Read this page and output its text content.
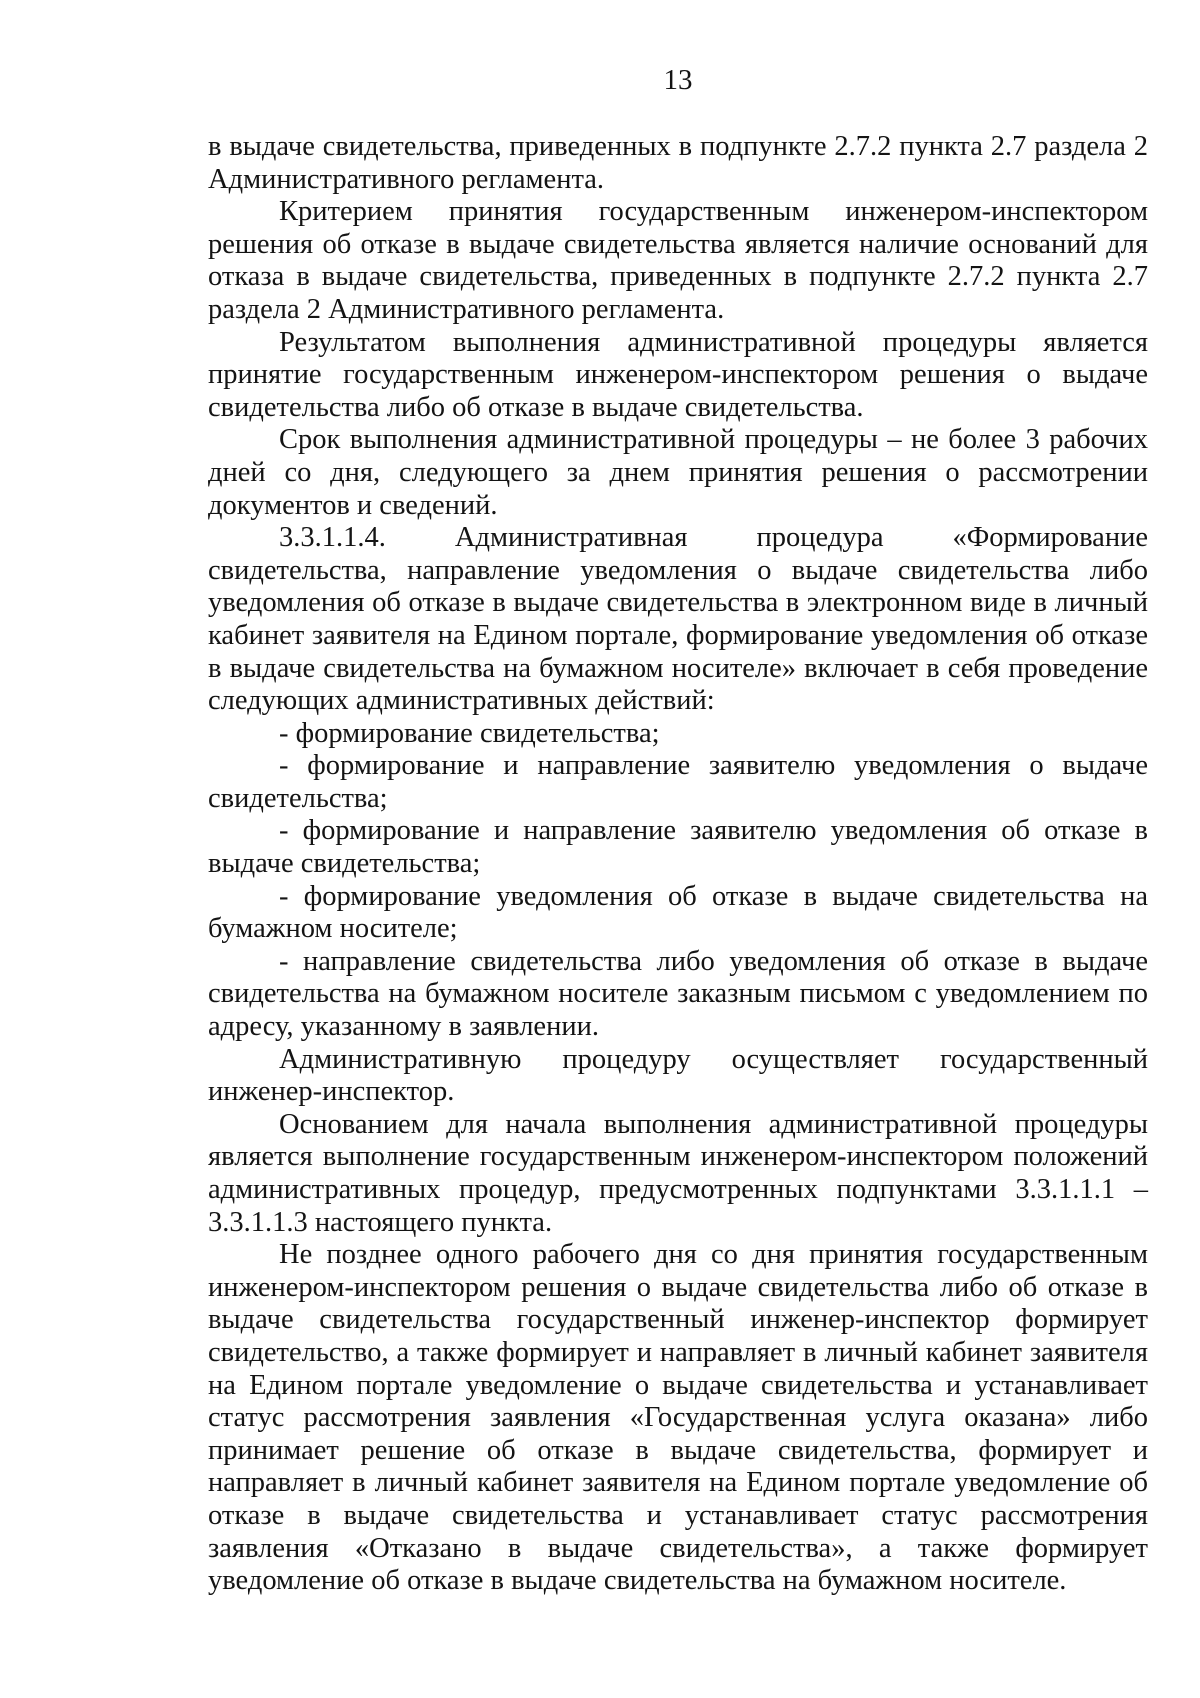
13

в выдаче свидетельства, приведенных в подпункте 2.7.2 пункта 2.7 раздела 2 Административного регламента.

Критерием принятия государственным инженером-инспектором решения об отказе в выдаче свидетельства является наличие оснований для отказа в выдаче свидетельства, приведенных в подпункте 2.7.2 пункта 2.7 раздела 2 Административного регламента.

Результатом выполнения административной процедуры является принятие государственным инженером-инспектором решения о выдаче свидетельства либо об отказе в выдаче свидетельства.

Срок выполнения административной процедуры – не более 3 рабочих дней со дня, следующего за днем принятия решения о рассмотрении документов и сведений.

3.3.1.1.4. Административная процедура «Формирование свидетельства, направление уведомления о выдаче свидетельства либо уведомления об отказе в выдаче свидетельства в электронном виде в личный кабинет заявителя на Едином портале, формирование уведомления об отказе в выдаче свидетельства на бумажном носителе» включает в себя проведение следующих административных действий:

- формирование свидетельства;

- формирование и направление заявителю уведомления о выдаче свидетельства;

- формирование и направление заявителю уведомления об отказе в выдаче свидетельства;

- формирование уведомления об отказе в выдаче свидетельства на бумажном носителе;

- направление свидетельства либо уведомления об отказе в выдаче свидетельства на бумажном носителе заказным письмом с уведомлением по адресу, указанному в заявлении.

Административную процедуру осуществляет государственный инженер-инспектор.

Основанием для начала выполнения административной процедуры является выполнение государственным инженером-инспектором положений административных процедур, предусмотренных подпунктами 3.3.1.1.1 – 3.3.1.1.3 настоящего пункта.

Не позднее одного рабочего дня со дня принятия государственным инженером-инспектором решения о выдаче свидетельства либо об отказе в выдаче свидетельства государственный инженер-инспектор формирует свидетельство, а также формирует и направляет в личный кабинет заявителя на Едином портале уведомление о выдаче свидетельства и устанавливает статус рассмотрения заявления «Государственная услуга оказана» либо принимает решение об отказе в выдаче свидетельства, формирует и направляет в личный кабинет заявителя на Едином портале уведомление об отказе в выдаче свидетельства и устанавливает статус рассмотрения заявления «Отказано в выдаче свидетельства», а также формирует уведомление об отказе в выдаче свидетельства на бумажном носителе.
